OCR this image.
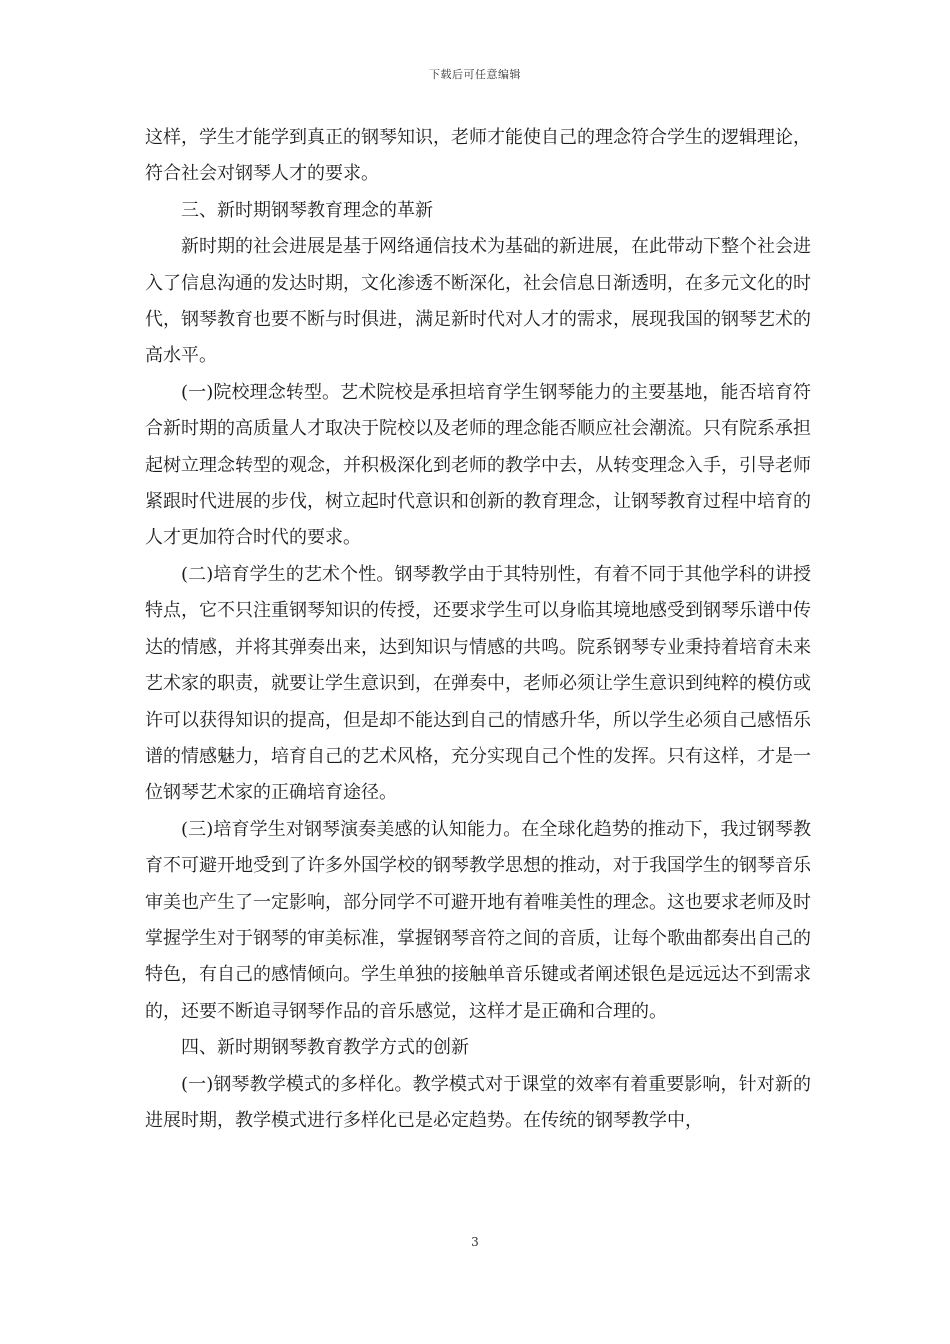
下载后可任意编辑

这样，学生才能学到真正的钢琴知识，老师才能使自己的理念符合学生的逻辑理论，符合社会对钢琴人才的要求。

三、新时期钢琴教育理念的革新

新时期的社会进展是基于网络通信技术为基础的新进展，在此带动下整个社会进入了信息沟通的发达时期，文化渗透不断深化，社会信息日渐透明，在多元文化的时代，钢琴教育也要不断与时俱进，满足新时代对人才的需求，展现我国的钢琴艺术的高水平。

(一)院校理念转型。艺术院校是承担培育学生钢琴能力的主要基地，能否培育符合新时期的高质量人才取决于院校以及老师的理念能否顺应社会潮流。只有院系承担起树立理念转型的观念，并积极深化到老师的教学中去，从转变理念入手，引导老师紧跟时代进展的步伐，树立起时代意识和创新的教育理念，让钢琴教育过程中培育的人才更加符合时代的要求。

(二)培育学生的艺术个性。钢琴教学由于其特别性，有着不同于其他学科的讲授特点，它不只注重钢琴知识的传授，还要求学生可以身临其境地感受到钢琴乐谱中传达的情感，并将其弹奏出来，达到知识与情感的共鸣。院系钢琴专业秉持着培育未来艺术家的职责，就要让学生意识到，在弹奏中，老师必须让学生意识到纯粹的模仿或许可以获得知识的提高，但是却不能达到自己的情感升华，所以学生必须自己感悟乐谱的情感魅力，培育自己的艺术风格，充分实现自己个性的发挥。只有这样，才是一位钢琴艺术家的正确培育途径。

(三)培育学生对钢琴演奏美感的认知能力。在全球化趋势的推动下，我过钢琴教育不可避开地受到了许多外国学校的钢琴教学思想的推动，对于我国学生的钢琴音乐审美也产生了一定影响，部分同学不可避开地有着唯美性的理念。这也要求老师及时掌握学生对于钢琴的审美标准，掌握钢琴音符之间的音质，让每个歌曲都奏出自己的特色，有自己的感情倾向。学生单独的接触单音乐键或者阐述银色是远远达不到需求的，还要不断追寻钢琴作品的音乐感觉，这样才是正确和合理的。

四、新时期钢琴教育教学方式的创新

(一)钢琴教学模式的多样化。教学模式对于课堂的效率有着重要影响，针对新的进展时期，教学模式进行多样化已是必定趋势。在传统的钢琴教学中，

3
